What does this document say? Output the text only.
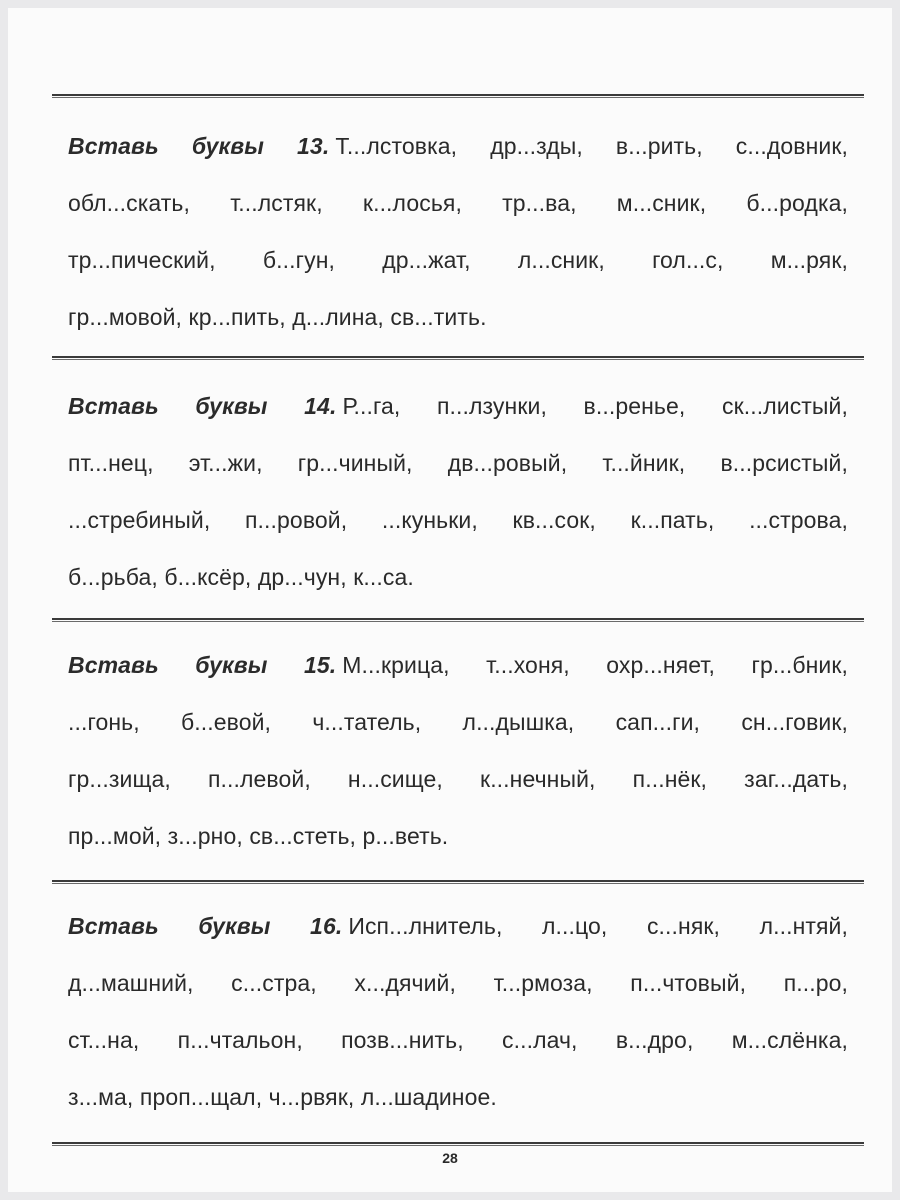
Вставь буквы 13. Т...лстовка, др...зды, в...рить, с...довник,
обл...скать, т...лстяк, к...лосья, тр...ва, м...сник, б...родка,
тр...пический, б...гун, др...жат, л...сник, гол...с, м...ряк,
гр...мовой, кр...пить, д...лина, св...тить.
Вставь буквы 14. Р...га, п...лзунки, в...ренье, ск...листый,
пт...нец, эт...жи, гр...чиный, дв...ровый, т...йник, в...рсистый,
...стребиный, п...ровой, ...куньки, кв...сок, к...пать, ...строва,
б...рьба, б...ксёр, др...чун, к...са.
Вставь буквы 15. М...крица, т...хоня, охр...няет, гр...бник,
...гонь, б...евой, ч...татель, л...дышка, сап...ги, сн...говик,
гр...зища, п...левой, н...сище, к...нечный, п...нёк, заг...дать,
пр...мой, з...рно, св...стеть, р...веть.
Вставь буквы 16. Исп...лнитель, л...цо, с...няк, л...нтяй,
д...машний, с...стра, х...дячий, т...рмоза, п...чтовый, п...ро,
ст...на, п...чтальон, позв...нить, с...лач, в...дро, м...слёнка,
з...ма, проп...щал, ч...рвяк, л...шадиное.
28
